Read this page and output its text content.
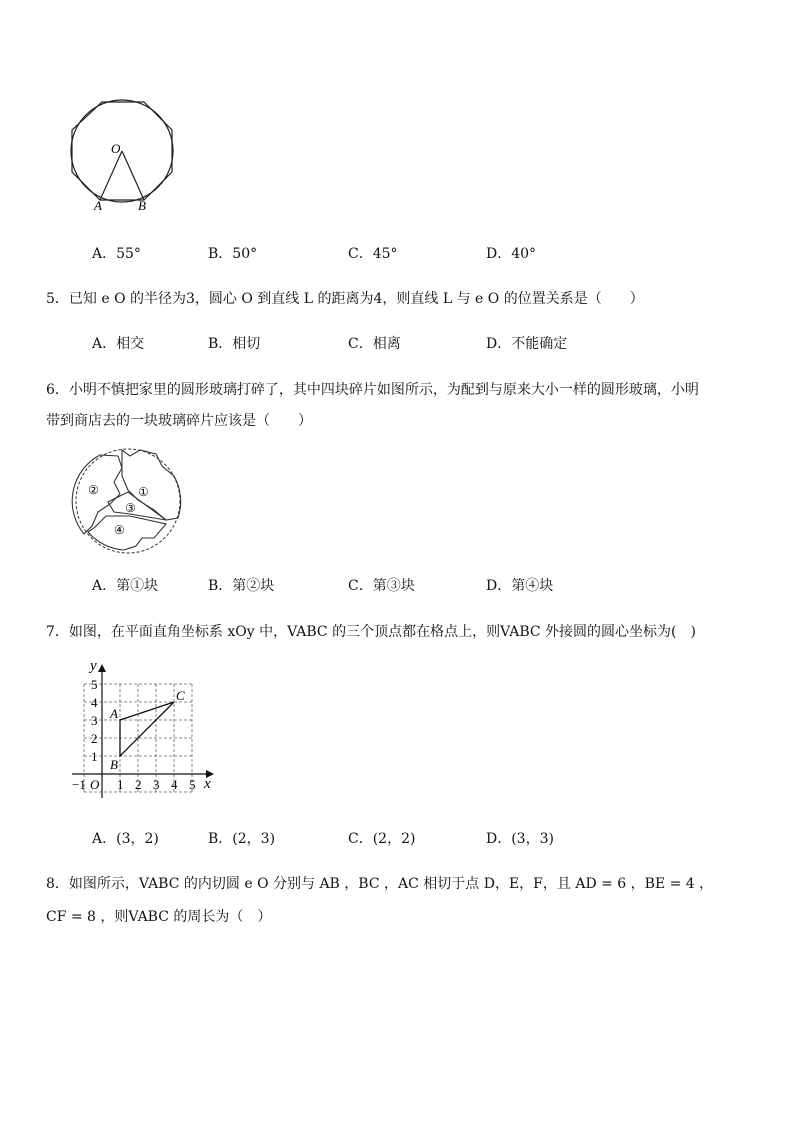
O
A	B
A．55°	B．50°	C．45°	D．40°
5．已知 e O 的半径为3，圆心 O 到直线 L 的距离为4，则直线 L 与 e O 的位置关系是（　　）
A．相交	B．相切	C．相离	D．不能确定
6．小明不慎把家里的圆形玻璃打碎了，其中四块碎片如图所示，为配到与原来大小一样的圆形玻璃，小明
带到商店去的一块玻璃碎片应该是（　　）
①
②
③
④
A．第①块	B．第②块	C．第③块	D．第④块
7．如图，在平面直角坐标系 xOy 中，VABC 的三个顶点都在格点上，则VABC 外接圆的圆心坐标为(　)
y
x
O
−1 1 2 3 4 5
1
2
3
4
5
A
B
C
A．(3，2)	B．(2，3)	C．(2，2)	D．(3，3)
8．如图所示，VABC 的内切圆 e O 分别与 AB ，BC ，AC 相切于点 D，E，F，且 AD = 6 ，BE = 4 ，
CF = 8 ，则VABC 的周长为（　）
